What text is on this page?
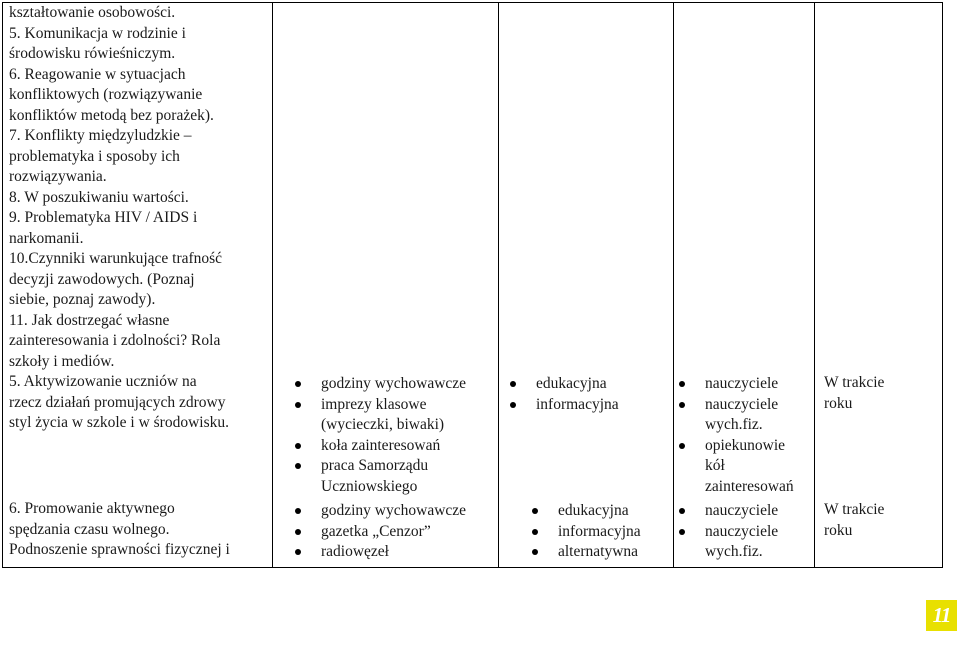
kształtowanie osobowości.
5. Komunikacja w rodzinie i
środowisku rówieśniczym.
6. Reagowanie w sytuacjach
konfliktowych (rozwiązywanie
konfliktów metodą bez porażek).
7. Konflikty międzyludzkie –
problematyka i sposoby ich
rozwiązywania.
8. W poszukiwaniu wartości.
9. Problematyka HIV / AIDS i
narkomanii.
10.Czynniki warunkujące trafność
decyzji zawodowych. (Poznaj
siebie, poznaj zawody).
11. Jak dostrzegać własne
zainteresowania i zdolności? Rola
szkoły i mediów.
5. Aktywizowanie uczniów na
rzecz działań promujących zdrowy
styl życia w szkole i w środowisku.
6. Promowanie aktywnego
spędzania czasu wolnego.
Podnoszenie sprawności fizycznej i
godziny wychowawcze
imprezy klasowe
(wycieczki, biwaki)
koła zainteresowań
praca Samorządu
Uczniowskiego
godziny wychowawcze
gazetka „Cenzor”
radiowęzeł
edukacyjna
informacyjna
edukacyjna
informacyjna
alternatywna
nauczyciele
nauczyciele
wych.fiz.
opiekunowie
kół
zainteresowań
nauczyciele
nauczyciele
wych.fiz.
W trakcie
roku
W trakcie
roku
11
